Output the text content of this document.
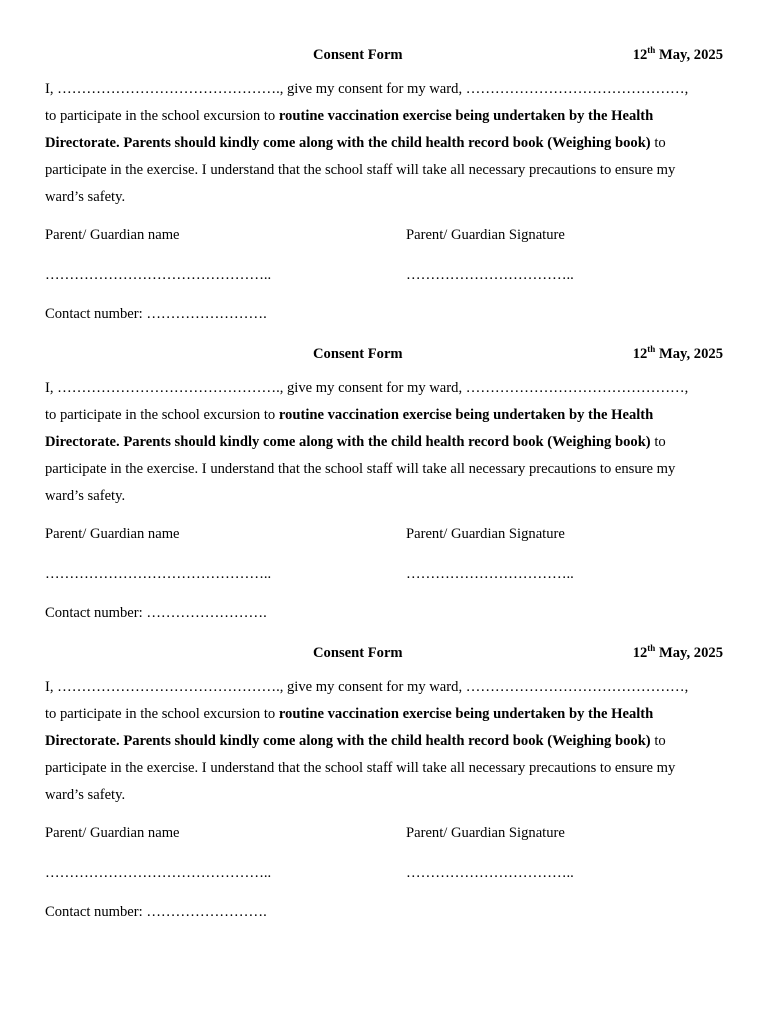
Consent Form	12th May, 2025
I, ………………………………………., give my consent for my ward, ………………………………………,
to participate in the school excursion to routine vaccination exercise being undertaken by the Health
Directorate. Parents should kindly come along with the child health record book (Weighing book) to
participate in the exercise. I understand that the school staff will take all necessary precautions to ensure my
ward’s safety.
Parent/ Guardian name	Parent/ Guardian Signature
………………………………………..	……………………………..
Contact number: …………………….
Consent Form	12th May, 2025
I, ………………………………………., give my consent for my ward, ………………………………………,
to participate in the school excursion to routine vaccination exercise being undertaken by the Health
Directorate. Parents should kindly come along with the child health record book (Weighing book) to
participate in the exercise. I understand that the school staff will take all necessary precautions to ensure my
ward’s safety.
Parent/ Guardian name	Parent/ Guardian Signature
………………………………………..	……………………………..
Contact number: …………………….
Consent Form	12th May, 2025
I, ………………………………………., give my consent for my ward, ………………………………………,
to participate in the school excursion to routine vaccination exercise being undertaken by the Health
Directorate. Parents should kindly come along with the child health record book (Weighing book) to
participate in the exercise. I understand that the school staff will take all necessary precautions to ensure my
ward’s safety.
Parent/ Guardian name	Parent/ Guardian Signature
………………………………………..	……………………………..
Contact number: …………………….
